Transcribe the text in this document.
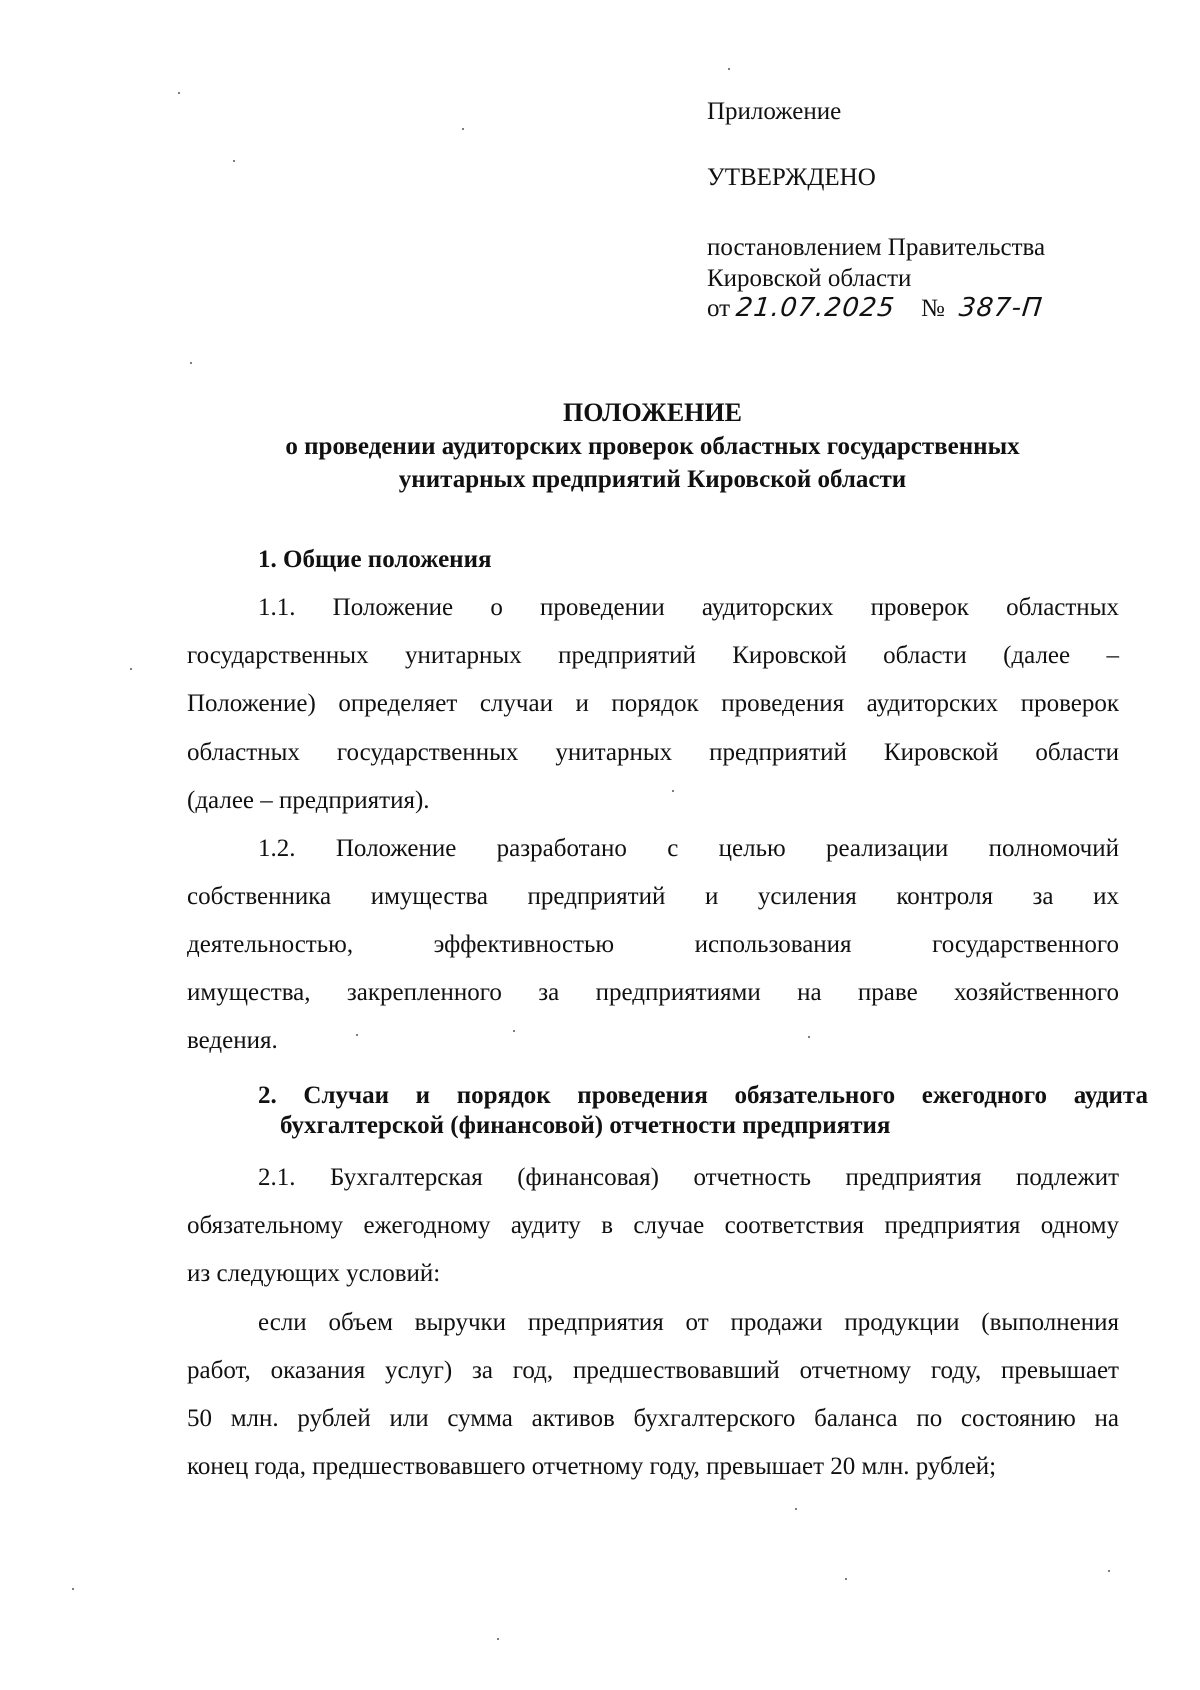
Приложение
УТВЕРЖДЕНО
постановлением Правительства
Кировской области
от 21.07.2025 № 387-П
ПОЛОЖЕНИЕ
о проведении аудиторских проверок областных государственных
унитарных предприятий Кировской области
1. Общие положения
1.1. Положение о проведении аудиторских проверок областных
государственных унитарных предприятий Кировской области (далее –
Положение) определяет случаи и порядок проведения аудиторских проверок
областных государственных унитарных предприятий Кировской области
(далее – предприятия).
1.2. Положение разработано с целью реализации полномочий
собственника имущества предприятий и усиления контроля за их
деятельностью, эффективностью использования государственного
имущества, закрепленного за предприятиями на праве хозяйственного
ведения.
2. Случаи и порядок проведения обязательного ежегодного аудита
бухгалтерской (финансовой) отчетности предприятия
2.1. Бухгалтерская (финансовая) отчетность предприятия подлежит
обязательному ежегодному аудиту в случае соответствия предприятия одному
из следующих условий:
если объем выручки предприятия от продажи продукции (выполнения
работ, оказания услуг) за год, предшествовавший отчетному году, превышает
50 млн. рублей или сумма активов бухгалтерского баланса по состоянию на
конец года, предшествовавшего отчетному году, превышает 20 млн. рублей;
